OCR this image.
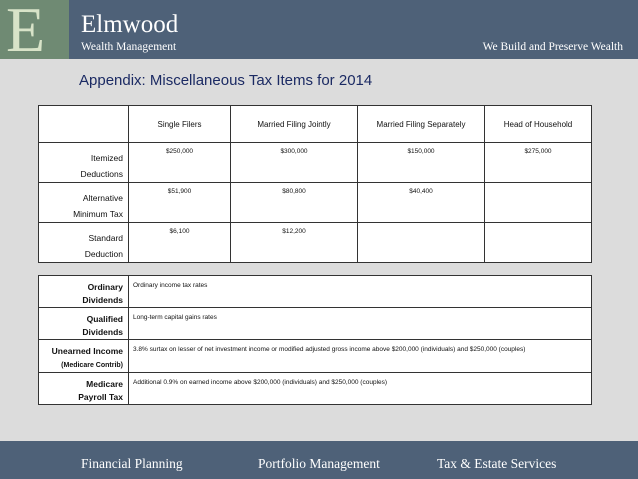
E Elmwood
Wealth Management	We Build and Preserve Wealth
Appendix: Miscellaneous Tax Items for 2014
	Single Filers	Married Filing Jointly	Married Filing Separately	Head of Household
Itemized
Deductions	$250,000	$300,000	$150,000	$275,000
Alternative
Minimum Tax	$51,900	$80,800	$40,400	
Standard
Deduction	$6,100	$12,200		
Ordinary
Dividends	Ordinary income tax rates
Qualified
Dividends	Long-term capital gains rates
Unearned Income
(Medicare Contrib)	3.8% surtax on lesser of net investment income or modified adjusted gross income above $200,000 (individuals) and $250,000 (couples)
Medicare
Payroll Tax	Additional 0.9% on earned income above $200,000 (individuals) and $250,000 (couples)
Financial Planning	Portfolio Management	Tax & Estate Services
